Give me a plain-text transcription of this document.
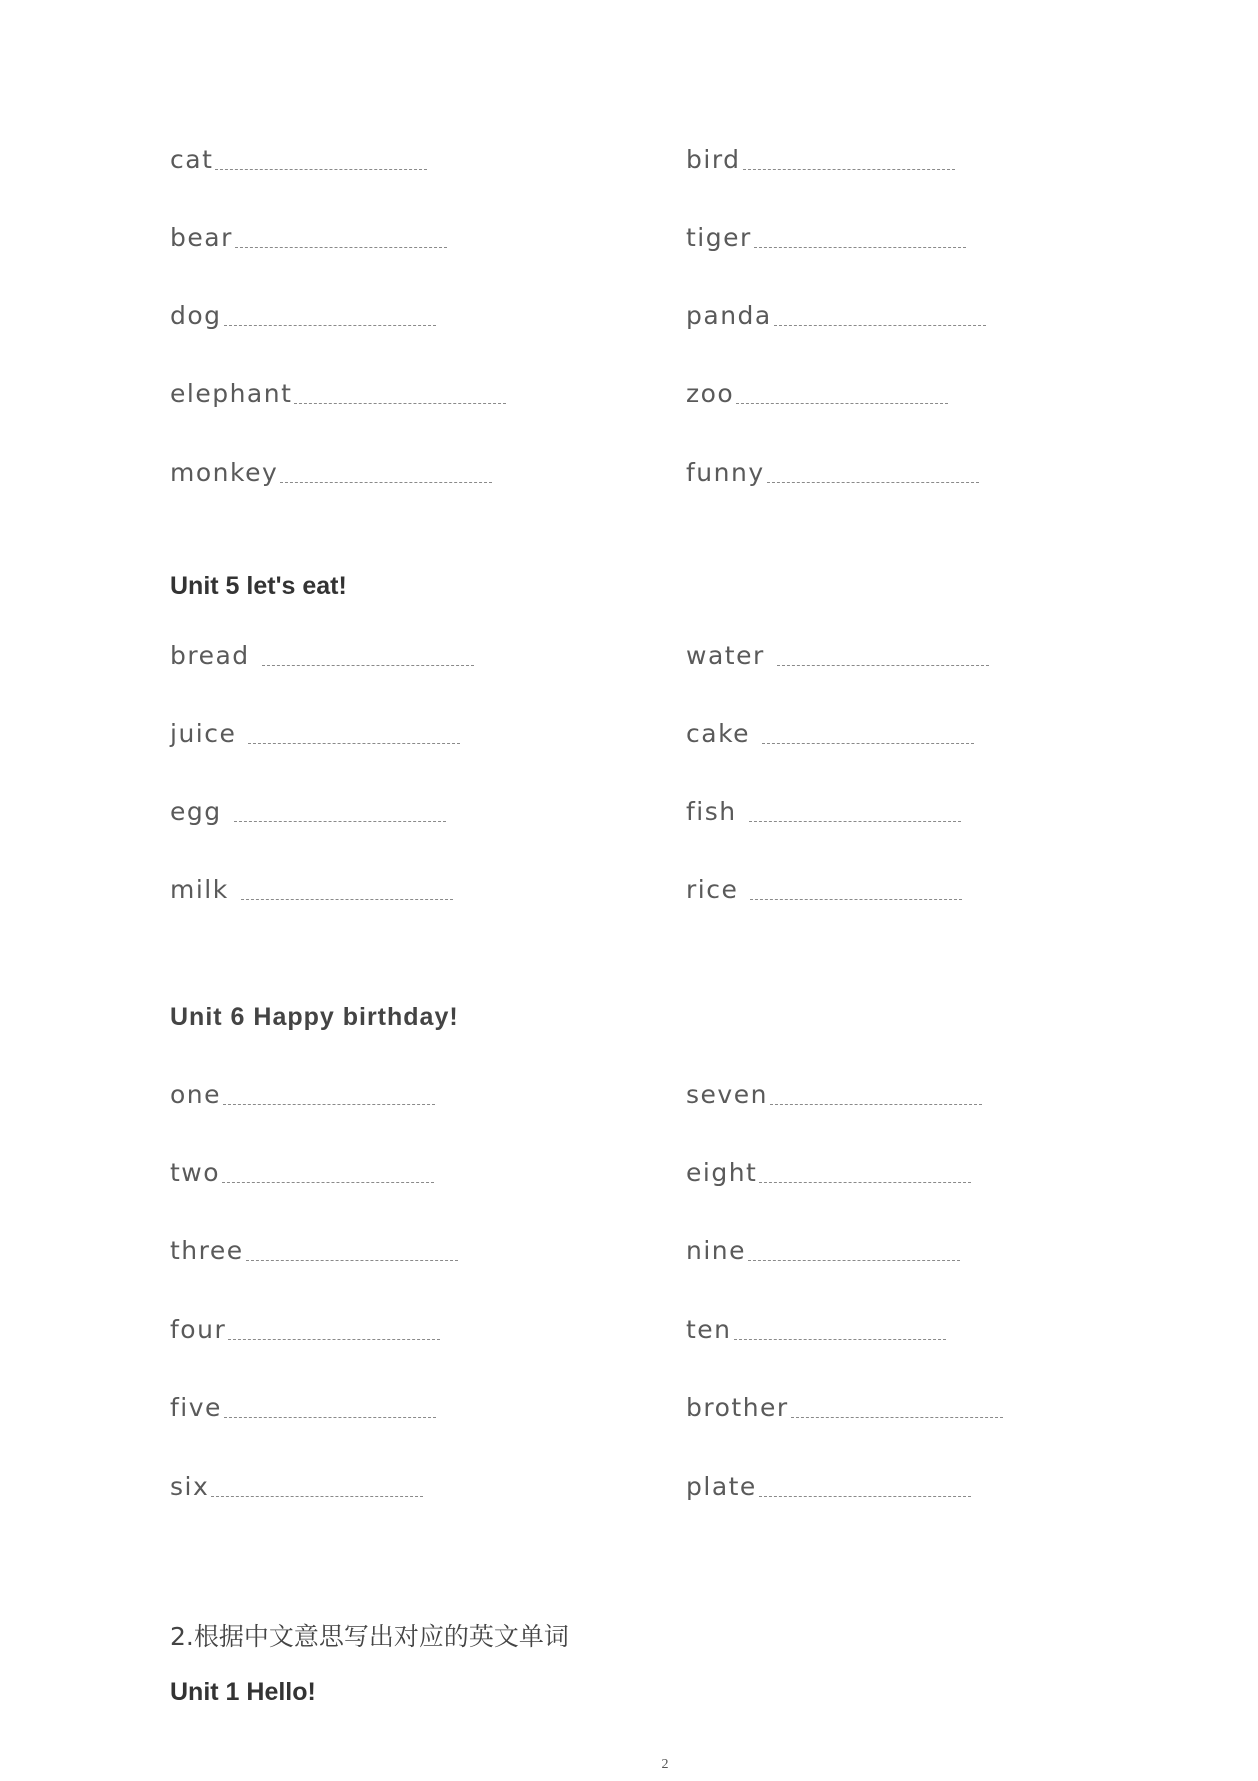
cat	bird
bear	tiger
dog	panda
elephant	zoo
monkey	funny
Unit 5 let's eat!
bread	water
juice	cake
egg	fish
milk	rice
Unit 6 Happy birthday!
one	seven
two	eight
three	nine
four	ten
five	brother
six	plate
2.根据中文意思写出对应的英文单词
Unit 1 Hello!
2
